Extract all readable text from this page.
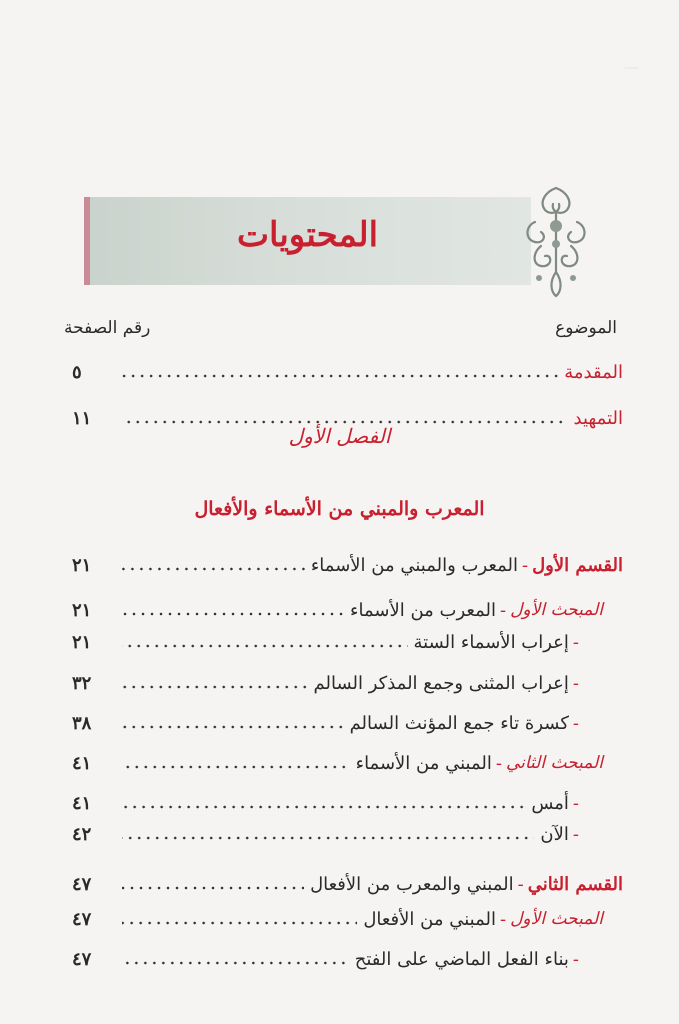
—
المحتويات
الموضوع
رقم الصفحة
المقدمة
٥
التمهيد
١١
الفصل الأول
المعرب والمبني من الأسماء والأفعال
القسم الأول
-
المعرب والمبني من الأسماء
٢١
المبحث الأول
-
المعرب من الأسماء
٢١
-
إعراب الأسماء الستة
٢١
-
إعراب المثنى وجمع المذكر السالم
٣٢
-
كسرة تاء جمع المؤنث السالم
٣٨
المبحث الثاني
-
المبني من الأسماء
٤١
-
أمس
٤١
-
الآن
٤٢
القسم الثاني
-
المبني والمعرب من الأفعال
٤٧
المبحث الأول
-
المبني من الأفعال
٤٧
-
بناء الفعل الماضي على الفتح
٤٧
